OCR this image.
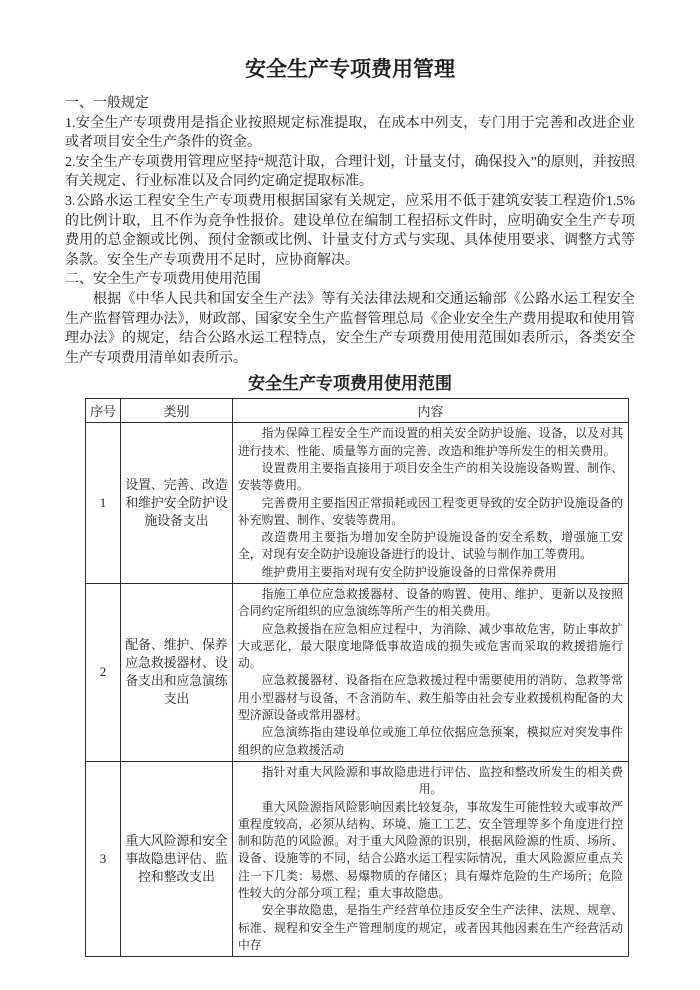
安全生产专项费用管理
一、一般规定
1.安全生产专项费用是指企业按照规定标准提取，在成本中列支，专门用于完善和改进企业或者项目安全生产条件的资金。
2.安全生产专项费用管理应坚持“规范计取，合理计划，计量支付，确保投入”的原则，并按照有关规定、行业标准以及合同约定确定提取标准。
3.公路水运工程安全生产专项费用根据国家有关规定，应采用不低于建筑安装工程造价1.5%的比例计取，且不作为竞争性报价。建设单位在编制工程招标文件时，应明确安全生产专项费用的总金额或比例、预付金额或比例、计量支付方式与实现、具体使用要求、调整方式等条款。安全生产专项费用不足时，应协商解决。
二、安全生产专项费用使用范围
根据《中华人民共和国安全生产法》等有关法律法规和交通运输部《公路水运工程安全生产监督管理办法》，财政部、国家安全生产监督管理总局《企业安全生产费用提取和使用管理办法》的规定，结合公路水运工程特点，安全生产专项费用使用范围如表所示，各类安全生产专项费用清单如表所示。
安全生产专项费用使用范围
序号	类别	内容
1	设置、完善、改造和维护安全防护设施设备支出	指为保障工程安全生产而设置的相关安全防护设施、设备，以及对其进行技术、性能、质量等方面的完善、改造和维护等所发生的相关费用。
设置费用主要指直接用于项目安全生产的相关设施设备购置、制作、安装等费用。
完善费用主要指因正常损耗或因工程变更导致的安全防护设施设备的补充购置、制作、安装等费用。
改造费用主要指为增加安全防护设施设备的安全系数，增强施工安全，对现有安全防护设施设备进行的设计、试验与制作加工等费用。
维护费用主要指对现有安全防护设施设备的日常保养费用

2	配备、维护、保养应急救援器材、设备支出和应急演练支出	指施工单位应急救援器材、设备的购置、使用、维护、更新以及按照合同约定所组织的应急演练等所产生的相关费用。
应急救援指在应急相应过程中，为消除、减少事故危害，防止事故扩大或恶化，最大限度地降低事故造成的损失或危害而采取的救援措施行动。
应急救援器材、设备指在应急救援过程中需要使用的消防、急救等常用小型器材与设备，不含消防车、救生船等由社会专业救援机构配备的大型济源设备或常用器材。
应急演练指由建设单位或施工单位依据应急预案，模拟应对突发事件组织的应急救援活动

3	重大风险源和安全事故隐患评估、监控和整改支出	指针对重大风险源和事故隐患进行评估、监控和整改所发生的相关费用。
重大风险源指风险影响因素比较复杂，事故发生可能性较大或事故严重程度较高，必须从结构、环境、施工工艺、安全管理等多个角度进行控制和防范的风险源。对于重大风险源的识别，根据风险源的性质、场所、设备、设施等的不同，结合公路水运工程实际情况，重大风险源应重点关注一下几类：易燃、易爆物质的存储区；具有爆炸危险的生产场所；危险性较大的分部分项工程；重大事故隐患。
安全事故隐患，是指生产经营单位违反安全生产法律、法规、规章、标准、规程和安全生产管理制度的规定，或者因其他因素在生产经营活动中存
